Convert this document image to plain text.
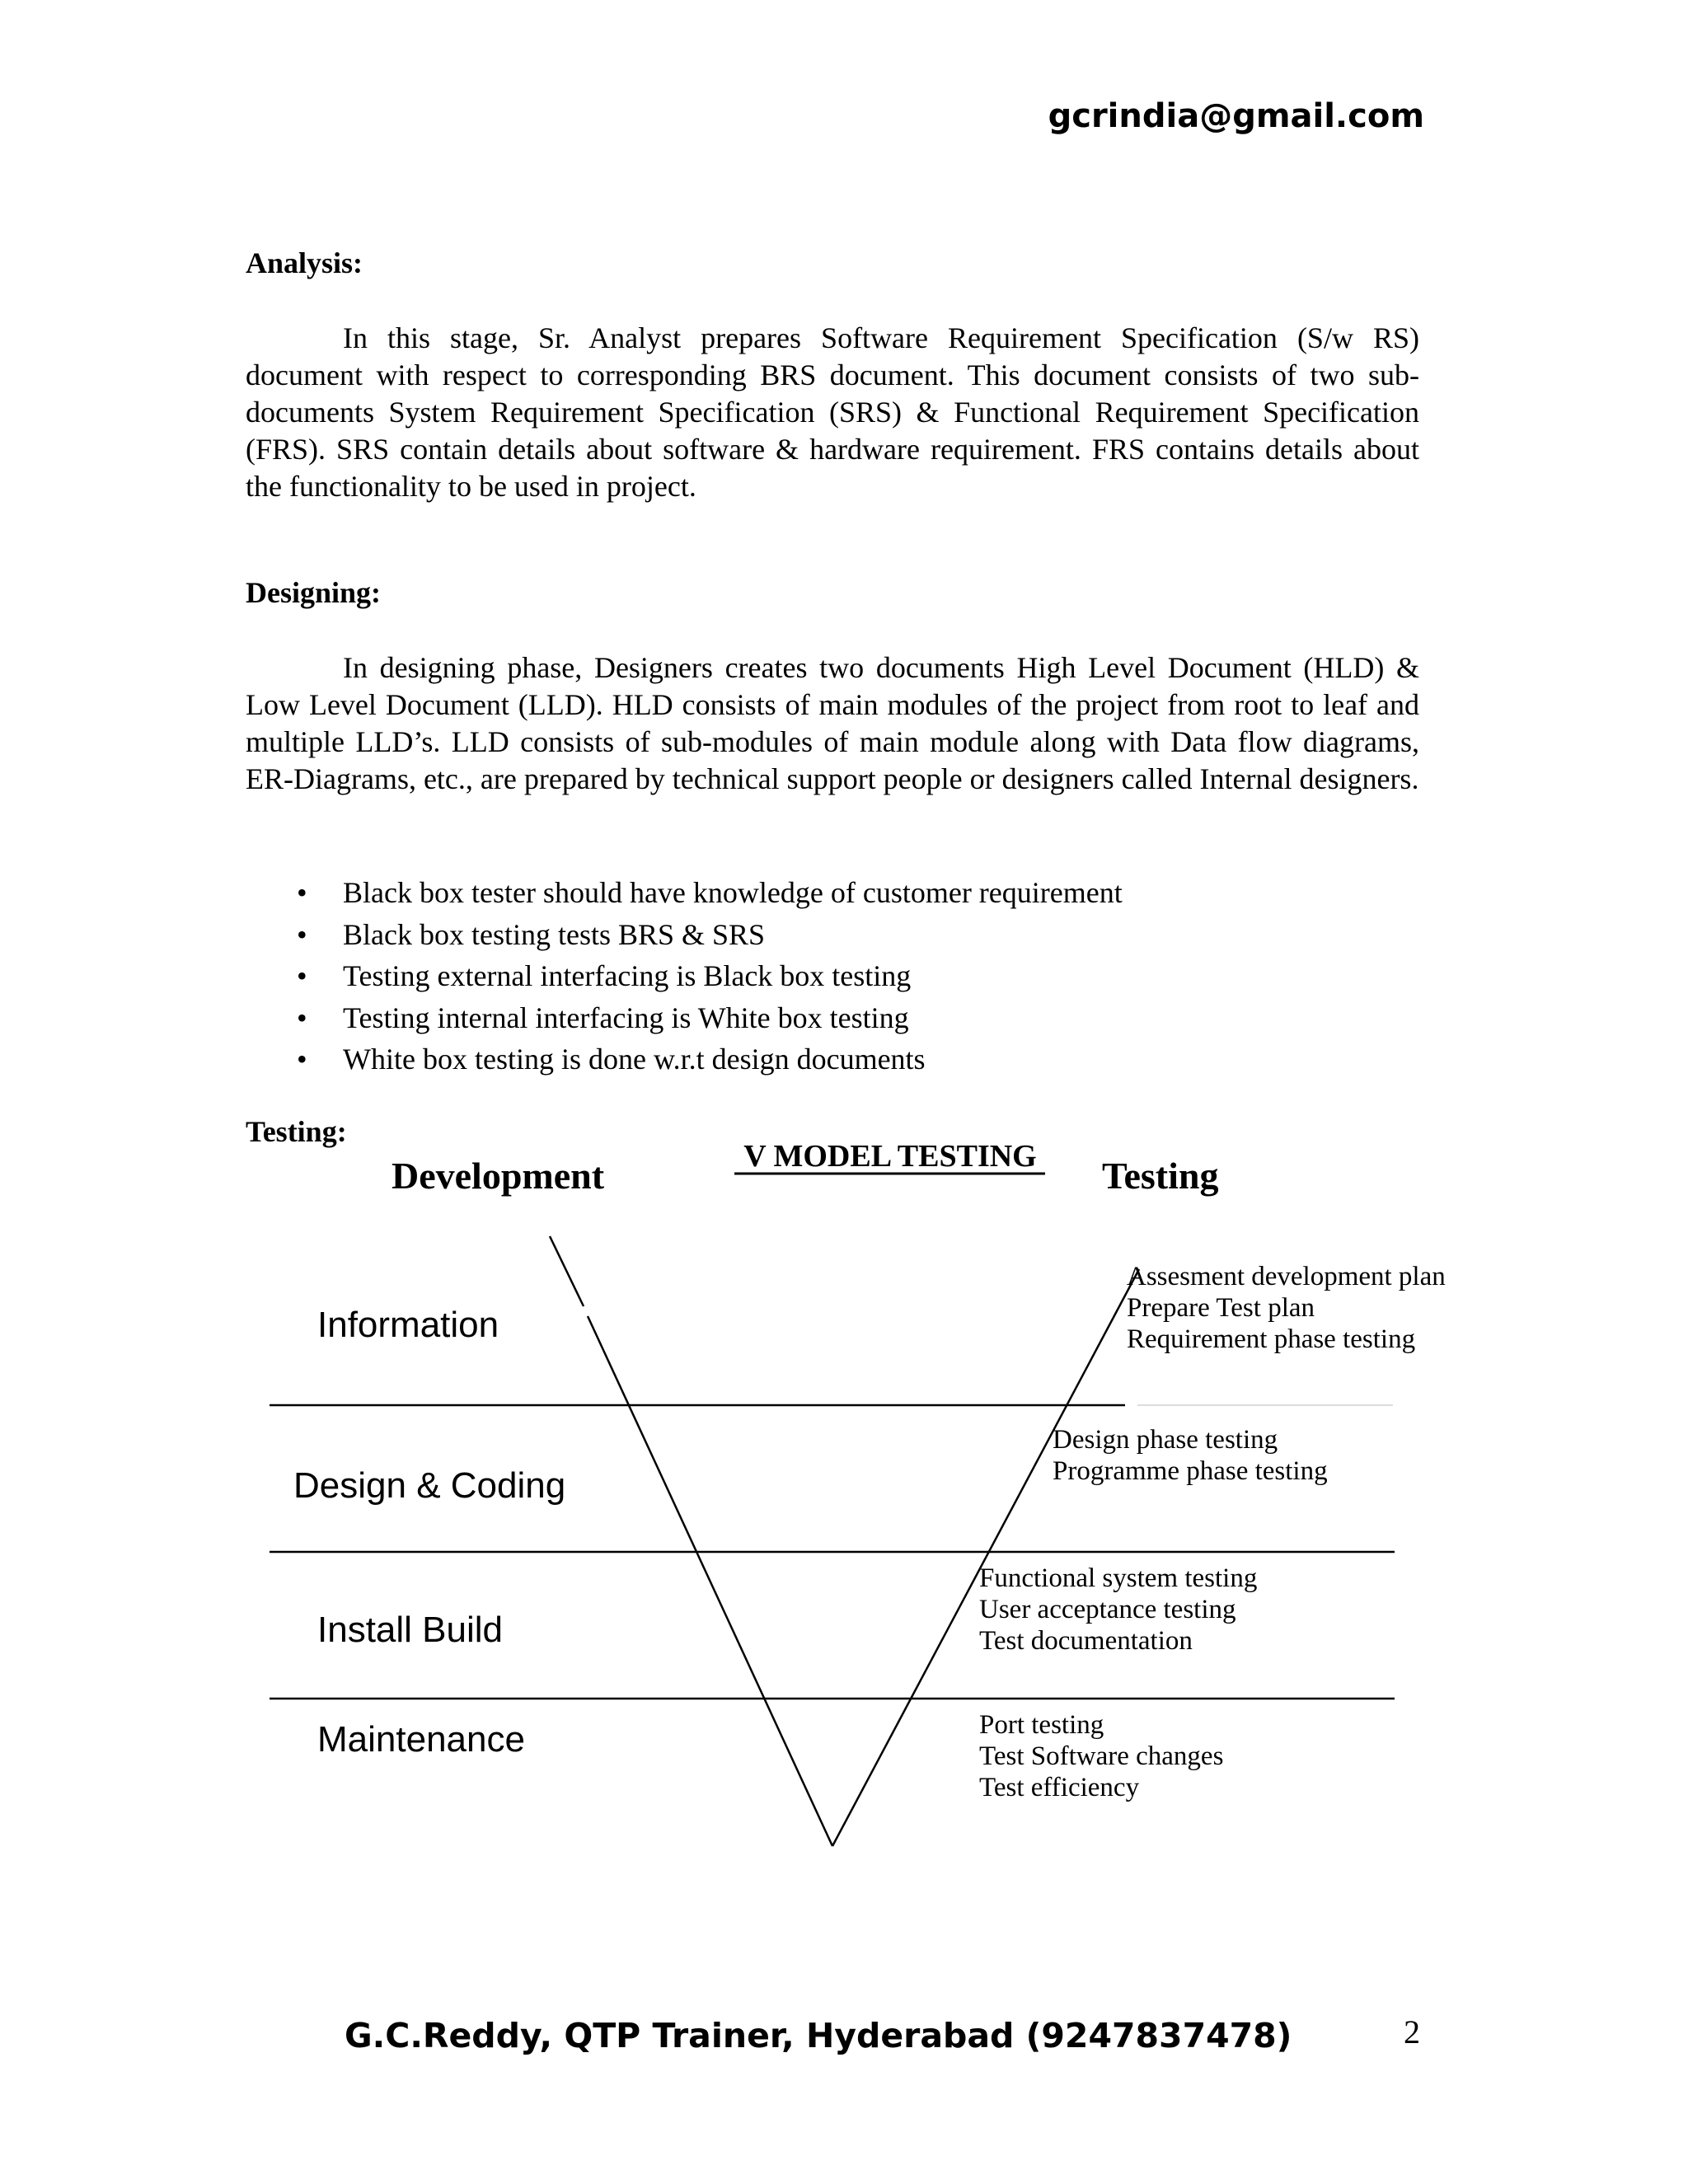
gcrindia@gmail.com
Analysis:

In this stage, Sr. Analyst prepares Software Requirement Specification (S/w RS) document with respect to corresponding BRS document. This document consists of two sub-documents System Requirement Specification (SRS) & Functional Requirement Specification (FRS). SRS contain details about software & hardware requirement. FRS contains details about the functionality to be used in project.

Designing:

In designing phase, Designers creates two documents High Level Document (HLD) & Low Level Document (LLD). HLD consists of main modules of the project from root to leaf and multiple LLD’s. LLD consists of sub-modules of main module along with Data flow diagrams, ER-Diagrams, etc., are prepared by technical support people or designers called Internal designers.

• Black box tester should have knowledge of customer requirement
• Black box testing tests BRS & SRS
• Testing external interfacing is Black box testing
• Testing internal interfacing is White box testing
• White box testing is done w.r.t design documents
Testing:
V MODEL TESTING
Development	Testing
Information
Design & Coding
Install Build
Maintenance
Assesment development plan
Prepare Test plan
Requirement phase testing
Design phase testing
Programme phase testing
Functional system testing
User acceptance testing
Test documentation
Port testing
Test Software changes
Test efficiency
G.C.Reddy, QTP Trainer, Hyderabad (9247837478)	2
